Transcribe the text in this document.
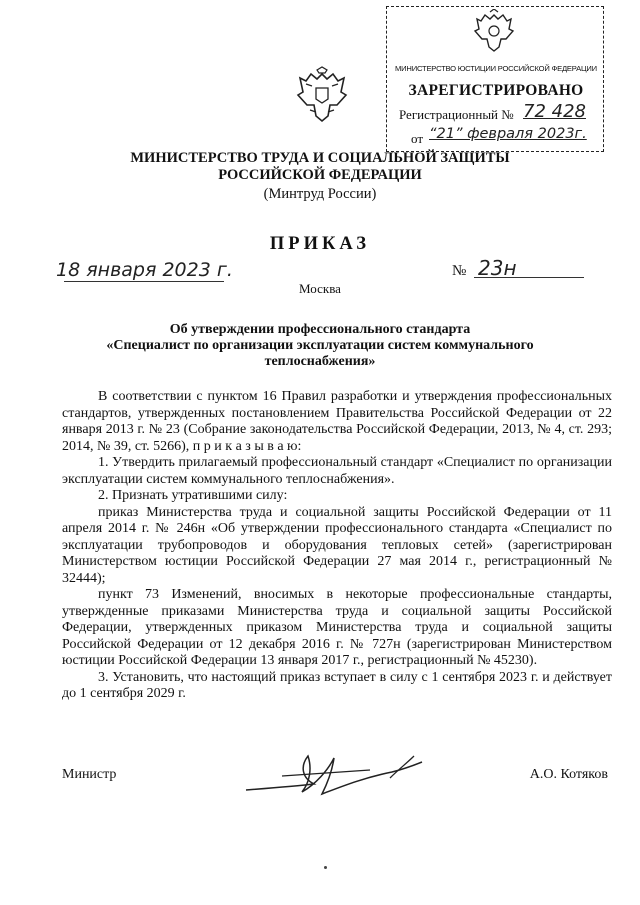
МИНИСТЕРСТВО ЮСТИЦИИ РОССИЙСКОЙ ФЕДЕРАЦИИ
ЗАРЕГИСТРИРОВАНО
Регистрационный № 72 428
от “21” февраля 2023г.
МИНИСТЕРСТВО ТРУДА И СОЦИАЛЬНОЙ ЗАЩИТЫ
РОССИЙСКОЙ ФЕДЕРАЦИИ
(Минтруд России)
ПРИКАЗ
18 января 2023 г.	№ 23н
Москва
Об утверждении профессионального стандарта
«Специалист по организации эксплуатации систем коммунального
теплоснабжения»

В соответствии с пунктом 16 Правил разработки и утверждения профессиональных стандартов, утвержденных постановлением Правительства Российской Федерации от 22 января 2013 г. № 23 (Собрание законодательства Российской Федерации, 2013, № 4, ст. 293; 2014, № 39, ст. 5266), п р и к а з ы в а ю:

1. Утвердить прилагаемый профессиональный стандарт «Специалист по организации эксплуатации систем коммунального теплоснабжения».

2. Признать утратившими силу:

приказ Министерства труда и социальной защиты Российской Федерации от 11 апреля 2014 г. № 246н «Об утверждении профессионального стандарта «Специалист по эксплуатации трубопроводов и оборудования тепловых сетей» (зарегистрирован Министерством юстиции Российской Федерации 27 мая 2014 г., регистрационный № 32444);

пункт 73 Изменений, вносимых в некоторые профессиональные стандарты, утвержденные приказами Министерства труда и социальной защиты Российской Федерации, утвержденных приказом Министерства труда и социальной защиты Российской Федерации от 12 декабря 2016 г. № 727н (зарегистрирован Министерством юстиции Российской Федерации 13 января 2017 г., регистрационный № 45230).

3. Установить, что настоящий приказ вступает в силу с 1 сентября 2023 г. и действует до 1 сентября 2029 г.

Министр	А.О. Котяков
